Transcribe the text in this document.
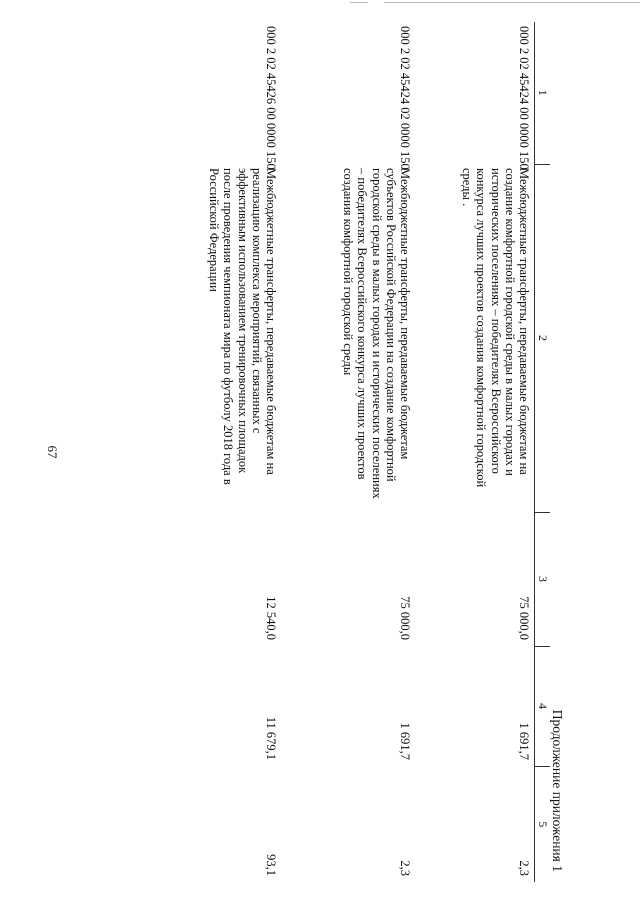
67
Продолжение приложения 1
1	2	3	4	5
000 2 02 45424 00 0000 150	Межбюджетные трансферты, передаваемые бюджетам на создание комфортной городской среды в малых городах и исторических поселениях – победителях Всероссийского конкурса лучших проектов создания комфортной городской среды .	75 000,0	1 691,7	2,3
000 2 02 45424 02 0000 150	Межбюджетные трансферты, передаваемые бюджетам субъектов Российской Федерации на создание комфортной городской среды в малых городах и исторических поселениях – победителях Всероссийского конкурса лучших проектов создания комфортной городской среды	75 000,0	1 691,7	2,3
000 2 02 45426 00 0000 150	Межбюджетные трансферты, передаваемые бюджетам на реализацию комплекса мероприятий, связанных с эффективным использованием тренировочных площадок после проведения чемпионата мира по футболу 2018 года в Российской Федерации	12 540,0	11 679,1	93,1
